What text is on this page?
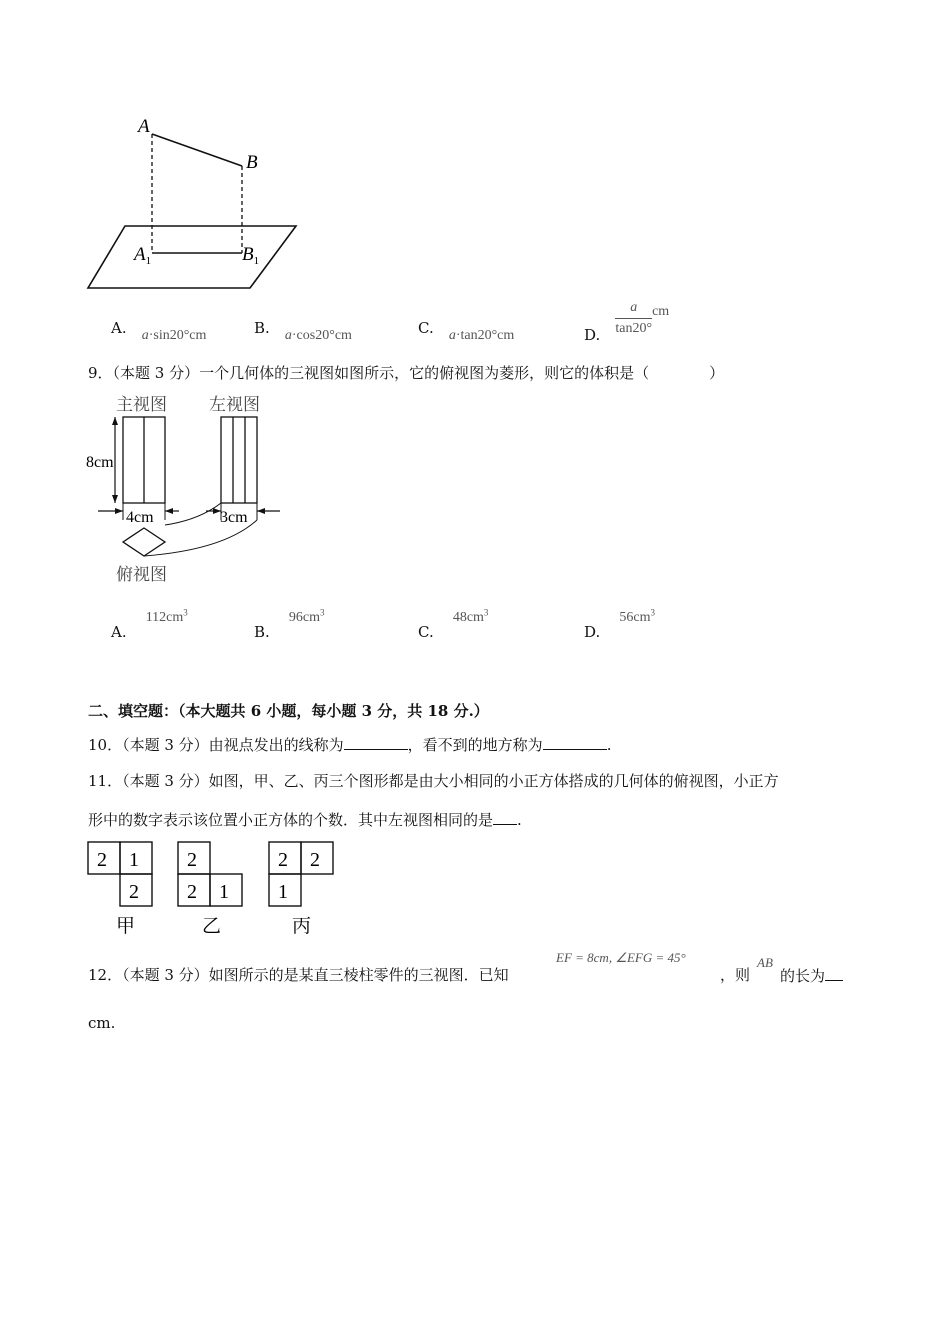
A
B
$A_1$	$B_1$
A. a·sin20°cm	B. a·cos20°cm	C. a·tan20°cm	D. $\frac{a}{\tan 20^\circ}$ cm
9．（本题 3 分）一个几何体的三视图如图所示，它的俯视图为菱形，则它的体积是（　　　　）
主视图 左视图
8cm
4cm	3cm
俯视图
A. $112cm^3$
B. $96cm^3$
C. $48cm^3$
D. $56cm^3$
二、填空题：（本大题共 6 小题，每小题 3 分，共 18 分.）
10．（本题 3 分）由视点发出的线称为	，看不到的地方称为	.
11．（本题 3 分）如图，甲、乙、丙三个图形都是由大小相同的小正方体搭成的几何体的俯视图，小正方
形中的数字表示该位置小正方体的个数．其中左视图相同的是 .
2 1
2
甲
2
2 1
乙
2 2
1
丙
12．（本题 3 分）如图所示的是某直三棱柱零件的三视图．已知
EF = 8cm, ∠EFG = 45°
，则
AB
的长为
cm.
